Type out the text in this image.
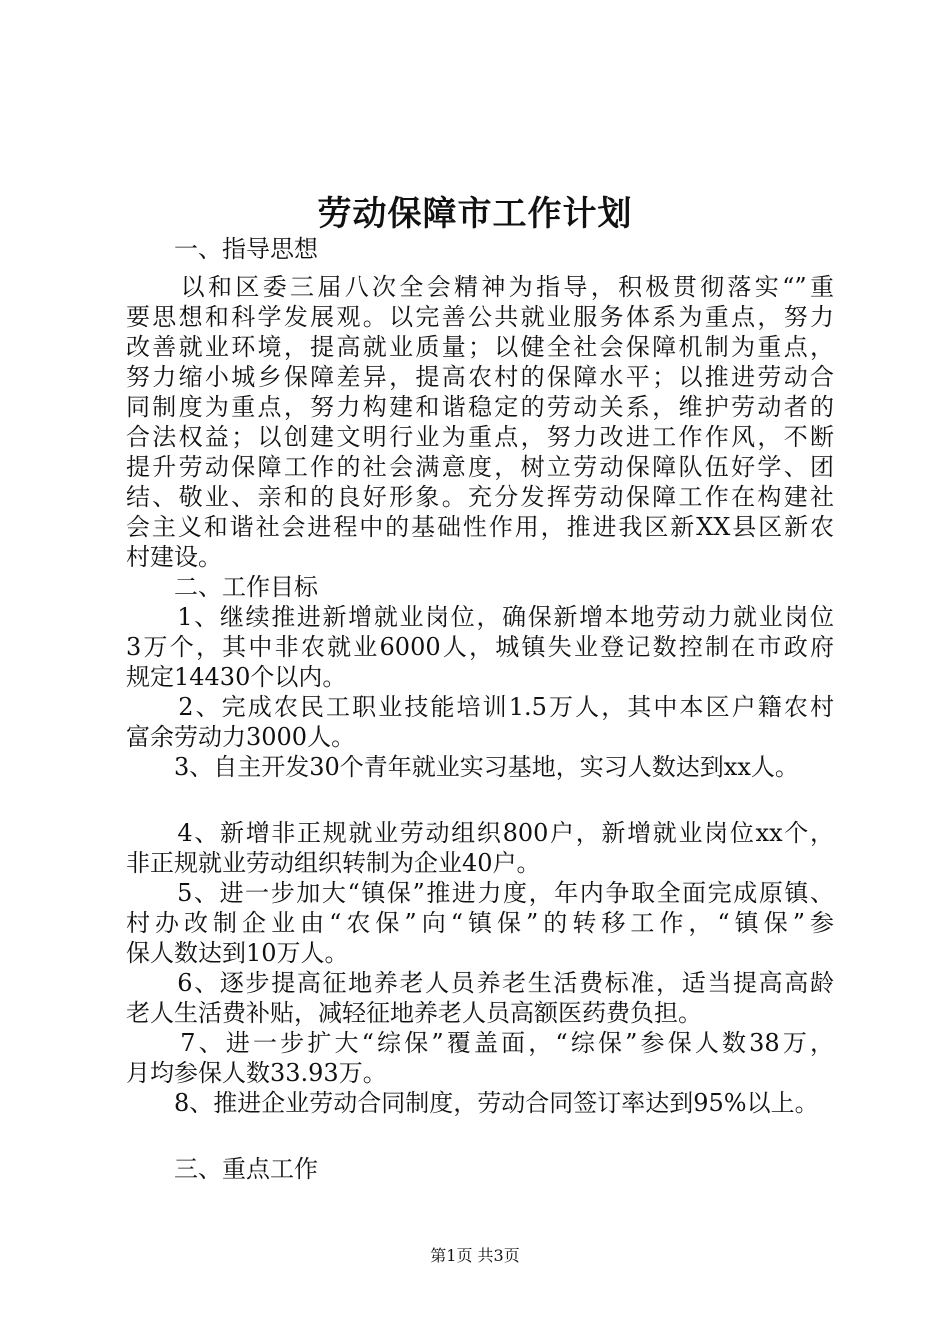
劳动保障市工作计划

　　一、指导思想

　　以和区委三届八次全会精神为指导，积极贯彻落实“”重

要思想和科学发展观。以完善公共就业服务体系为重点，努力

改善就业环境，提高就业质量；以健全社会保障机制为重点，

努力缩小城乡保障差异，提高农村的保障水平；以推进劳动合

同制度为重点，努力构建和谐稳定的劳动关系，维护劳动者的

合法权益；以创建文明行业为重点，努力改进工作作风，不断

提升劳动保障工作的社会满意度，树立劳动保障队伍好学、团

结、敬业、亲和的良好形象。充分发挥劳动保障工作在构建社

会主义和谐社会进程中的基础性作用，推进我区新XX县区新农

村建设。

　　二、工作目标

　　1、继续推进新增就业岗位，确保新增本地劳动力就业岗位

3万个，其中非农就业6000人，城镇失业登记数控制在市政府

规定14430个以内。

　　2、完成农民工职业技能培训1.5万人，其中本区户籍农村

富余劳动力3000人。

　　3、自主开发30个青年就业实习基地，实习人数达到xx人。

　　4、新增非正规就业劳动组织800户，新增就业岗位xx个，

非正规就业劳动组织转制为企业40户。

　　5、进一步加大“镇保”推进力度，年内争取全面完成原镇、

村办改制企业由“农保”向“镇保”的转移工作，“镇保”参

保人数达到10万人。

　　6、逐步提高征地养老人员养老生活费标准，适当提高高龄

老人生活费补贴，减轻征地养老人员高额医药费负担。

　　7、进一步扩大“综保”覆盖面，“综保”参保人数38万，

月均参保人数33.93万。

　　8、推进企业劳动合同制度，劳动合同签订率达到95%以上。

　　三、重点工作

第1页 共3页
